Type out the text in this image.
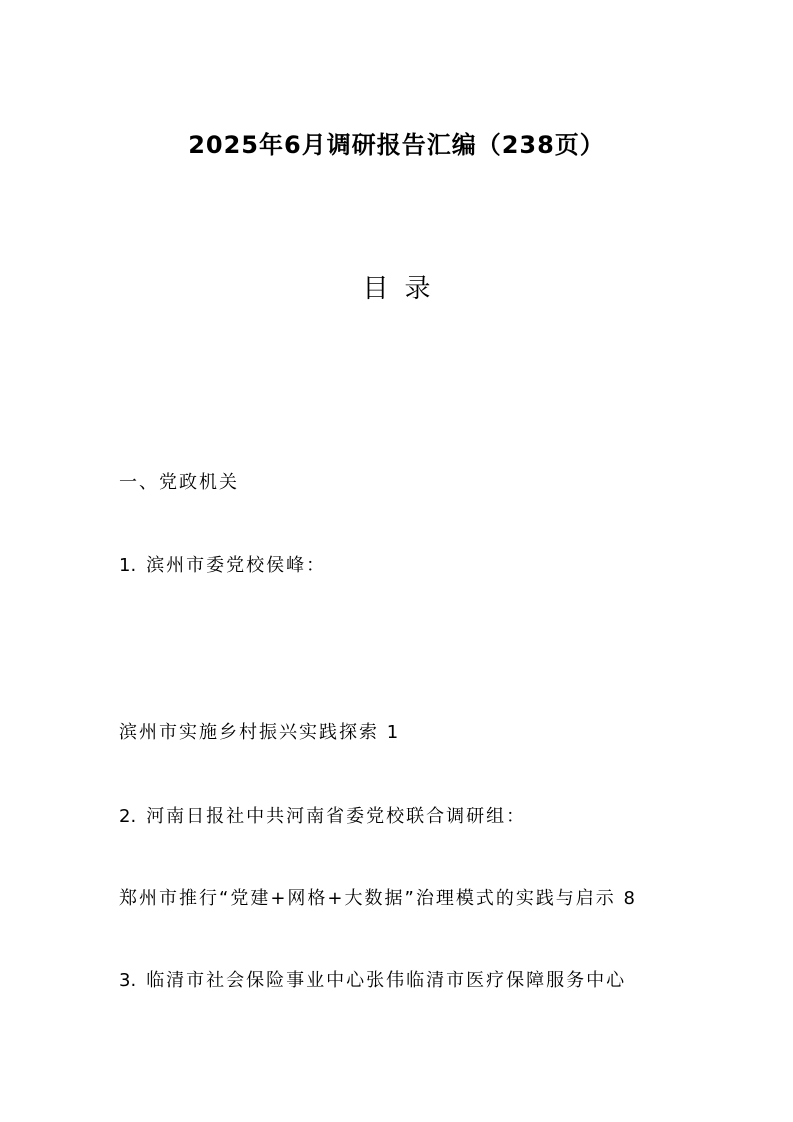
2025年6月调研报告汇编（238页）
目 录
一、党政机关
1. 滨州市委党校侯峰：
滨州市实施乡村振兴实践探索 1
2. 河南日报社中共河南省委党校联合调研组：
郑州市推行“党建+网格+大数据”治理模式的实践与启示 8
3. 临清市社会保险事业中心张伟临清市医疗保障服务中心
